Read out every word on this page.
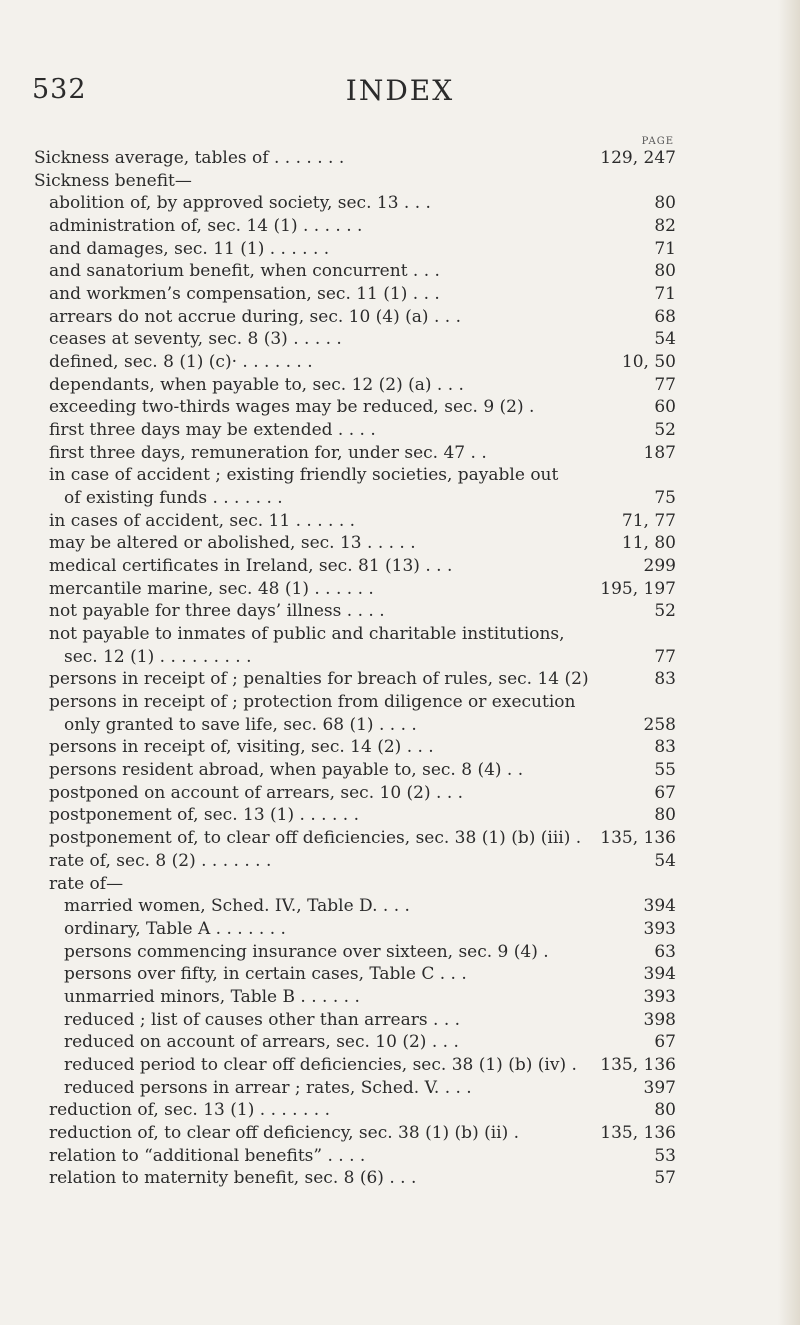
532	INDEX
PAGE
Sickness average, tables of . . . . . . .	129, 247
Sickness benefit—
abolition of, by approved society, sec. 13 . . .	80
administration of, sec. 14 (1) . . . . . .	82
and damages, sec. 11 (1) . . . . . .	71
and sanatorium benefit, when concurrent . . .	80
and workmen’s compensation, sec. 11 (1) . . .	71
arrears do not accrue during, sec. 10 (4) (a) . . .	68
ceases at seventy, sec. 8 (3) . . . . .	54
defined, sec. 8 (1) (c)· . . . . . . .	10, 50
dependants, when payable to, sec. 12 (2) (a) . . .	77
exceeding two-thirds wages may be reduced, sec. 9 (2) .	60
first three days may be extended . . . .	52
first three days, remuneration for, under sec. 47 . .	187
in case of accident ; existing friendly societies, payable out
of existing funds . . . . . . .	75
in cases of accident, sec. 11 . . . . . .	71, 77
may be altered or abolished, sec. 13 . . . . .	11, 80
medical certificates in Ireland, sec. 81 (13) . . .	299
mercantile marine, sec. 48 (1) . . . . . .	195, 197
not payable for three days’ illness . . . .	52
not payable to inmates of public and charitable institutions,
sec. 12 (1) . . . . . . . . .	77
persons in receipt of ; penalties for breach of rules, sec. 14 (2)	83
persons in receipt of ; protection from diligence or execution
only granted to save life, sec. 68 (1) . . . .	258
persons in receipt of, visiting, sec. 14 (2) . . .	83
persons resident abroad, when payable to, sec. 8 (4) . .	55
postponed on account of arrears, sec. 10 (2) . . .	67
postponement of, sec. 13 (1) . . . . . .	80
postponement of, to clear off deficiencies, sec. 38 (1) (b) (iii) . 135, 136
rate of, sec. 8 (2) . . . . . . .	54
rate of—
married women, Sched. IV., Table D. . . .	394
ordinary, Table A . . . . . . .	393
persons commencing insurance over sixteen, sec. 9 (4) .	63
persons over fifty, in certain cases, Table C . . .	394
unmarried minors, Table B . . . . . .	393
reduced ; list of causes other than arrears . . .	398
reduced on account of arrears, sec. 10 (2) . . .	67
reduced period to clear off deficiencies, sec. 38 (1) (b) (iv) . 135, 136
reduced persons in arrear ; rates, Sched. V. . . .	397
reduction of, sec. 13 (1) . . . . . . .	80
reduction of, to clear off deficiency, sec. 38 (1) (b) (ii) .	135, 136
relation to “additional benefits” . . . .	53
relation to maternity benefit, sec. 8 (6) . . .	57
